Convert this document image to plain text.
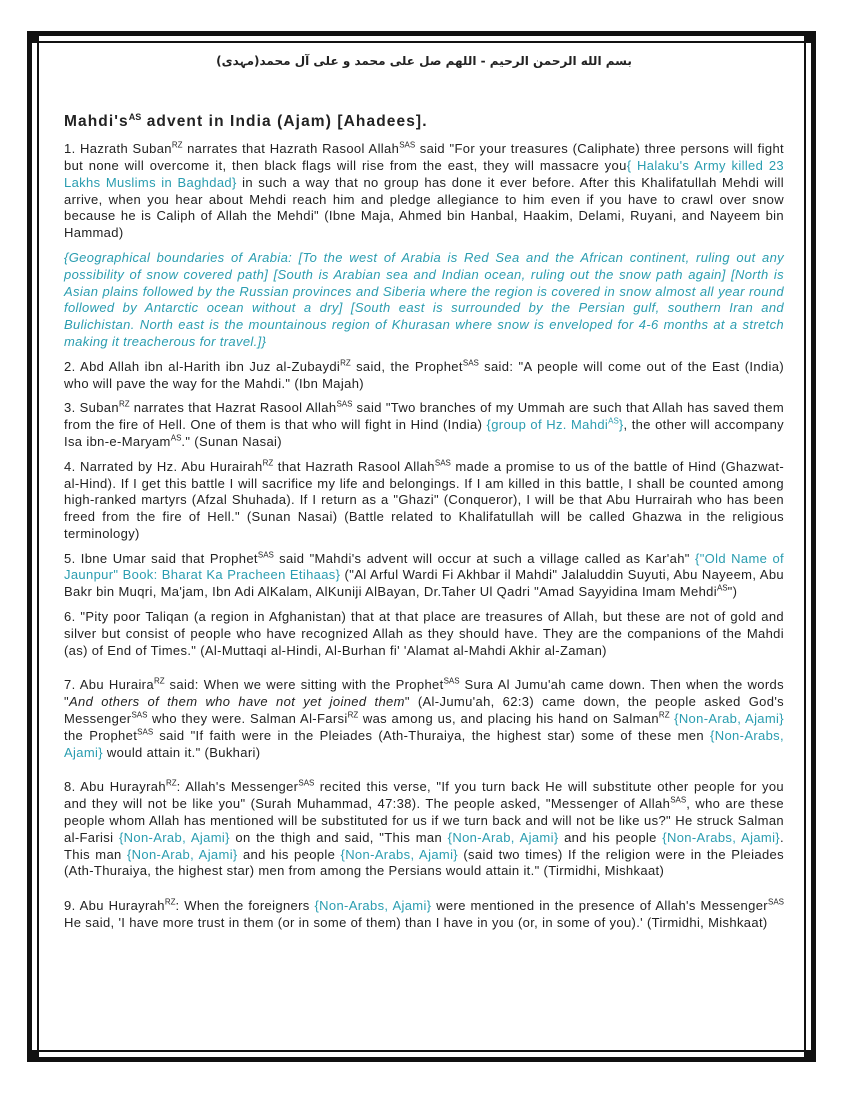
بسم الله الرحمن الرحيم - اللهم صل على محمد و على آل محمد(مہدی)
$Mahdi's^{AS}$ advent in India (Ajam) [Ahadees].

1. Hazrath Suban$^{RZ}$ narrates that Hazrath Rasool Allah$^{SAS}$ said "For your treasures (Caliphate) three persons will fight but none will overcome it, then black flags will rise from the east, they will massacre you{ Halaku's Army killed 23 Lakhs Muslims in Baghdad} in such a way that no group has done it ever before. After this Khalifatullah Mehdi will arrive, when you hear about Mehdi reach him and pledge allegiance to him even if you have to crawl over snow because he is Caliph of Allah the Mehdi" (Ibne Maja, Ahmed bin Hanbal, Haakim, Delami, Ruyani, and Nayeem bin Hammad)

{Geographical boundaries of Arabia: [To the west of Arabia is Red Sea and the African continent, ruling out any possibility of snow covered path] [South is Arabian sea and Indian ocean, ruling out the snow path again] [North is Asian plains followed by the Russian provinces and Siberia where the region is covered in snow almost all year round followed by Antarctic ocean without a dry] [South east is surrounded by the Persian gulf, southern Iran and Bulichistan. North east is the mountainous region of Khurasan where snow is enveloped for 4-6 months at a stretch making it treacherous for travel.]}

2. Abd Allah ibn al-Harith ibn Juz al-Zubaydi$^{RZ}$ said, the Prophet$^{SAS}$ said: "A people will come out of the East (India) who will pave the way for the Mahdi." (Ibn Majah)

3. Suban$^{RZ}$ narrates that Hazrat Rasool Allah$^{SAS}$ said "Two branches of my Ummah are such that Allah has saved them from the fire of Hell. One of them is that who will fight in Hind (India) {group of Hz. Mahdi$^{AS}$}, the other will accompany Isa ibn-e-Maryam$^{AS}$." (Sunan Nasai)

4. Narrated by Hz. Abu Hurairah$^{RZ}$ that Hazrath Rasool Allah$^{SAS}$ made a promise to us of the battle of Hind (Ghazwat-al-Hind). If I get this battle I will sacrifice my life and belongings. If I am killed in this battle, I shall be counted among high-ranked martyrs (Afzal Shuhada). If I return as a "Ghazi" (Conqueror), I will be that Abu Hurrairah who has been freed from the fire of Hell." (Sunan Nasai) (Battle related to Khalifatullah will be called Ghazwa in the religious terminology)

5. Ibne Umar said that Prophet$^{SAS}$ said "Mahdi's advent will occur at such a village called as Kar'ah" {"Old Name of Jaunpur" Book: Bharat Ka Pracheen Etihaas} ("Al Arful Wardi Fi Akhbar il Mahdi" Jalaluddin Suyuti, Abu Nayeem, Abu Bakr bin Muqri, Ma'jam, Ibn Adi AlKalam, AlKuniji AlBayan, Dr.Taher Ul Qadri "Amad Sayyidina Imam Mehdi$^{AS}$")

6. "Pity poor Taliqan (a region in Afghanistan) that at that place are treasures of Allah, but these are not of gold and silver but consist of people who have recognized Allah as they should have. They are the companions of the Mahdi (as) of End of Times." (Al-Muttaqi al-Hindi, Al-Burhan fi' 'Alamat al-Mahdi Akhir al-Zaman)

7. Abu Huraira$^{RZ}$ said: When we were sitting with the Prophet$^{SAS}$ Sura Al Jumu'ah came down. Then when the words "And others of them who have not yet joined them" (Al-Jumu'ah, 62:3) came down, the people asked God's Messenger$^{SAS}$ who they were. Salman Al-Farsi$^{RZ}$ was among us, and placing his hand on Salman$^{RZ}$ {Non-Arab, Ajami} the Prophet$^{SAS}$ said "If faith were in the Pleiades (Ath-Thuraiya, the highest star) some of these men {Non-Arabs, Ajami} would attain it." (Bukhari)

8. Abu Hurayrah$^{RZ}$: Allah's Messenger$^{SAS}$ recited this verse, "If you turn back He will substitute other people for you and they will not be like you" (Surah Muhammad, 47:38). The people asked, "Messenger of Allah$^{SAS}$, who are these people whom Allah has mentioned will be substituted for us if we turn back and will not be like us?" He struck Salman al-Farisi {Non-Arab, Ajami} on the thigh and said, "This man {Non-Arab, Ajami} and his people {Non-Arabs, Ajami}. This man {Non-Arab, Ajami} and his people {Non-Arabs, Ajami} (said two times) If the religion were in the Pleiades (Ath-Thuraiya, the highest star) men from among the Persians would attain it." (Tirmidhi, Mishkaat)

9. Abu Hurayrah$^{RZ}$: When the foreigners {Non-Arabs, Ajami} were mentioned in the presence of Allah's Messenger$^{SAS}$ He said, 'I have more trust in them (or in some of them) than I have in you (or, in some of you).' (Tirmidhi, Mishkaat)
